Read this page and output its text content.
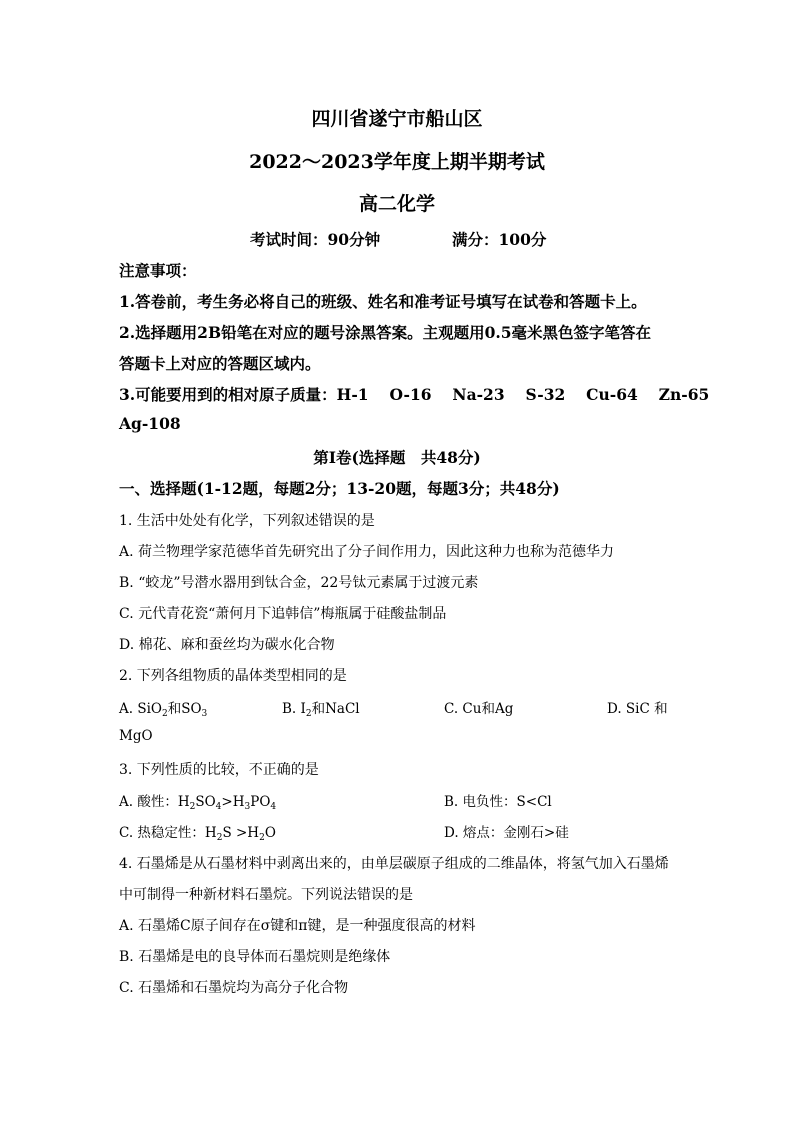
四川省遂宁市船山区
2022～2023学年度上期半期考试
高二化学
考试时间：90分钟	满分：100分
注意事项：
1.答卷前，考生务必将自己的班级、姓名和准考证号填写在试卷和答题卡上。
2.选择题用2B铅笔在对应的题号涂黑答案。主观题用0.5毫米黑色签字笔答在
答题卡上对应的答题区域内。
3.可能要用到的相对原子质量：H-1　 O-16　 Na-23　 S-32　 Cu-64　 Zn-65
Ag-108
第Ⅰ卷(选择题　共48分)
一、选择题(1-12题，每题2分；13-20题，每题3分；共48分)
1. 生活中处处有化学，下列叙述错误的是
A. 荷兰物理学家范德华首先研究出了分子间作用力，因此这种力也称为范德华力
B. “蛟龙”号潜水器用到钛合金，22号钛元素属于过渡元素
C. 元代青花瓷“萧何月下追韩信”梅瓶属于硅酸盐制品
D. 棉花、麻和蚕丝均为碳水化合物
2. 下列各组物质的晶体类型相同的是
A. SiO$_2$和$SO_3$	B. $I_2$和NaCl	C. Cu和Ag	D. SiC 和
MgO
3. 下列性质的比较，不正确的是
A. 酸性：$H_2SO_4>H_3PO_4$	B. 电负性：S<Cl
C. 热稳定性：$H_2S >H_2O$	D. 熔点：金刚石>硅
4. 石墨烯是从石墨材料中剥离出来的，由单层碳原子组成的二维晶体，将氢气加入石墨烯
中可制得一种新材料石墨烷。下列说法错误的是
A. 石墨烯C原子间存在σ键和π键，是一种强度很高的材料
B. 石墨烯是电的良导体而石墨烷则是绝缘体
C. 石墨烯和石墨烷均为高分子化合物
